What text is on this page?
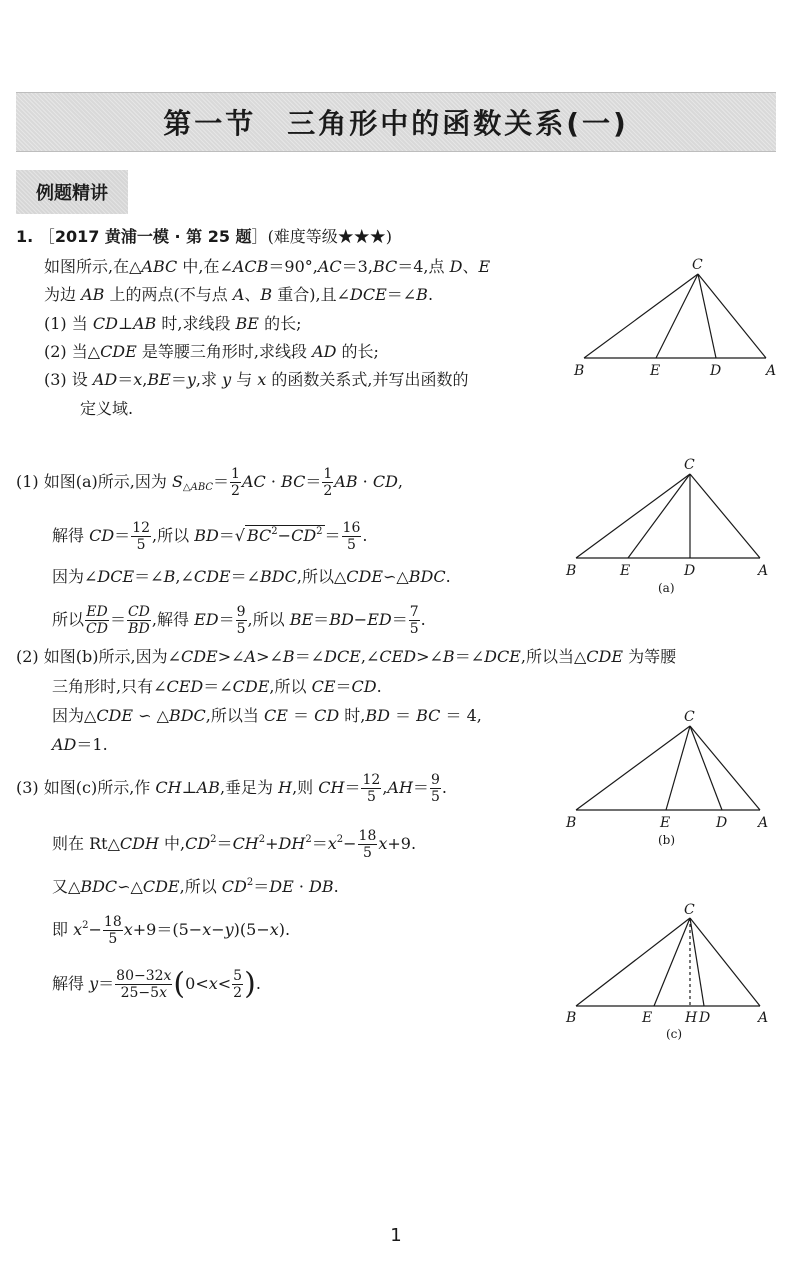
第一节　三角形中的函数关系(一)
例题精讲
1. ［2017 黄浦一模 · 第 25 题］(难度等级★★★)
如图所示,在△ABC 中,在∠ACB＝90°,AC＝3,BC＝4,点 D、E
为边 AB 上的两点(不与点 A、B 重合),且∠DCE＝∠B.
(1) 当 CD⊥AB 时,求线段 BE 的长;
(2) 当△CDE 是等腰三角形时,求线段 AD 的长;
(3) 设 AD＝x,BE＝y,求 y 与 x 的函数关系式,并写出函数的
定义域.
(1) 如图(a)所示,因为 $S_{\triangle ABC}= \frac{1}{2}$ AC · $BC= \frac{1}{2}$ AB · CD,
解得 $CD= \frac{12}{5}$ ,所以 BD＝√ $BC^2-CD^2 = \frac{16}{5}$ .
因为∠DCE＝∠B,∠CDE＝∠BDC,所以△CDE∽△BDC.
所以 $\frac{ED}{CD} = \frac{CD}{BD}$ ,解得 $ED= \frac{9}{5}$ ,所以 $BE=BD-ED= \frac{7}{5}$ .
(2) 如图(b)所示,因为∠CDE>∠A>∠B＝∠DCE,∠CED>∠B＝∠DCE,所以当△CDE 为等腰
三角形时,只有∠CED＝∠CDE,所以 CE＝CD.
因为△CDE ∽ △BDC,所以当 CE ＝ CD 时,BD ＝ BC ＝ 4,
AD＝1.
(3) 如图(c)所示,作 CH⊥AB,垂足为 H,则 $CH= \frac{12}{5} ,AH= \frac{9}{5}$ .
则在 Rt△CDH 中$,CD^2=CH^2+DH^2=x^2- \frac{18}{5} x+9$.
又△BDC∽△CDE,所以 $CD^2=DE$ · DB.
即 $x^2- \frac{18}{5} x+9=(5-x-y)(5-x)$.
解得 $y= \frac{80-32x}{25-5x} (0<x< \frac{5}{2}$ ).
C
B	E	D	A
C
B	E	D	A
(a)
C
B	E	D A
(b)
C
B	E H D	A
(c)
1
